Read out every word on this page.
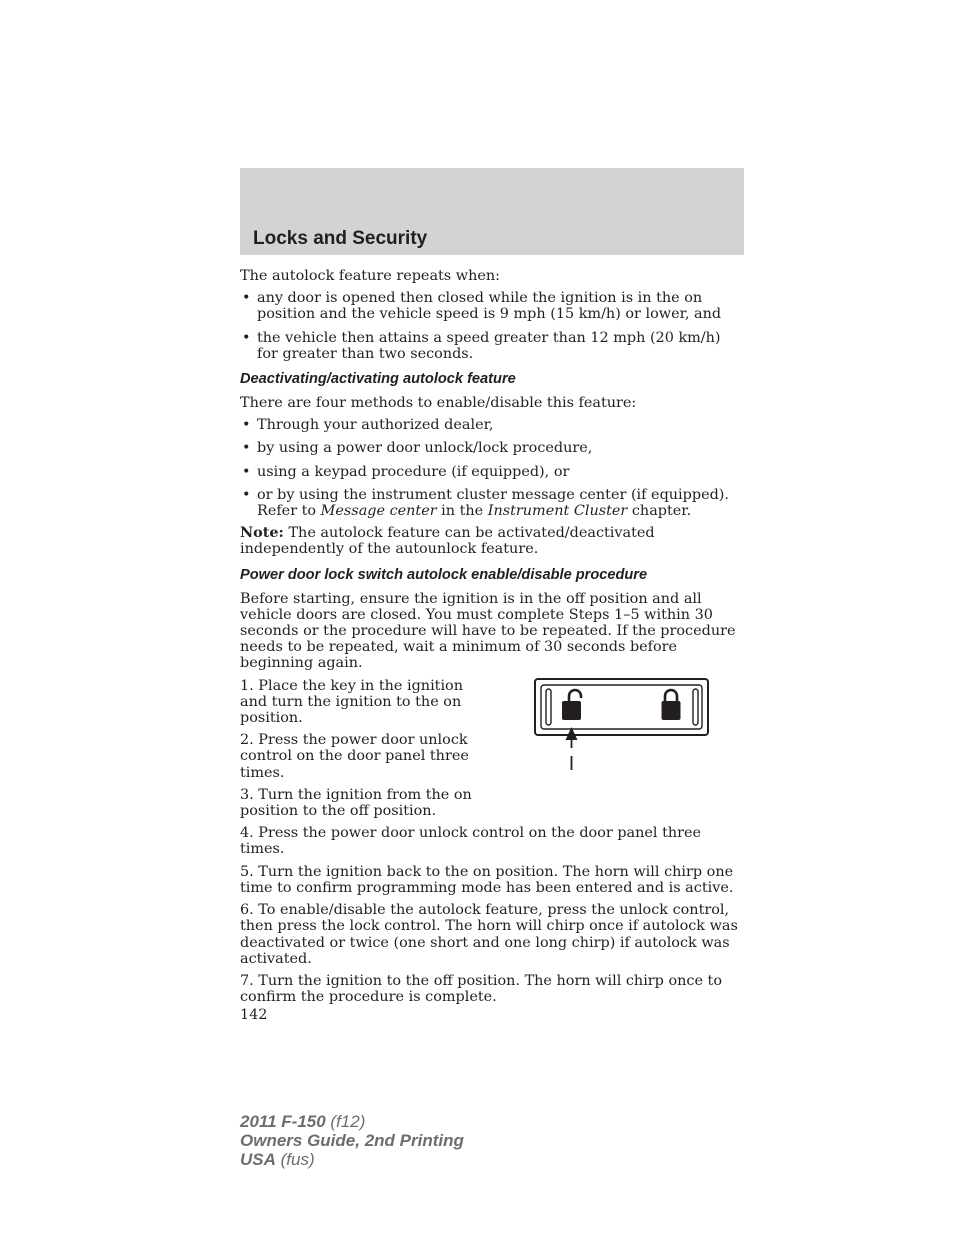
Locks and Security

The autolock feature repeats when:

• any door is opened then closed while the ignition is in the on position and the vehicle speed is 9 mph (15 km/h) or lower, and
• the vehicle then attains a speed greater than 12 mph (20 km/h) for greater than two seconds.
Deactivating/activating autolock feature

There are four methods to enable/disable this feature:

• Through your authorized dealer,
• by using a power door unlock/lock procedure,
• using a keypad procedure (if equipped), or
• or by using the instrument cluster message center (if equipped). Refer to Message center in the Instrument Cluster chapter.

Note: The autolock feature can be activated/deactivated independently of the autounlock feature.

Power door lock switch autolock enable/disable procedure

Before starting, ensure the ignition is in the off position and all vehicle doors are closed. You must complete Steps 1–5 within 30 seconds or the procedure will have to be repeated. If the procedure needs to be repeated, wait a minimum of 30 seconds before beginning again.

1. Place the key in the ignition and turn the ignition to the on position.

2. Press the power door unlock control on the door panel three times.

3. Turn the ignition from the on position to the off position.

4. Press the power door unlock control on the door panel three times.

5. Turn the ignition back to the on position. The horn will chirp one time to confirm programming mode has been entered and is active.

6. To enable/disable the autolock feature, press the unlock control, then press the lock control. The horn will chirp once if autolock was deactivated or twice (one short and one long chirp) if autolock was activated.

7. Turn the ignition to the off position. The horn will chirp once to confirm the procedure is complete.

142
2011 F-150 (f12)
Owners Guide, 2nd Printing
USA (fus)
